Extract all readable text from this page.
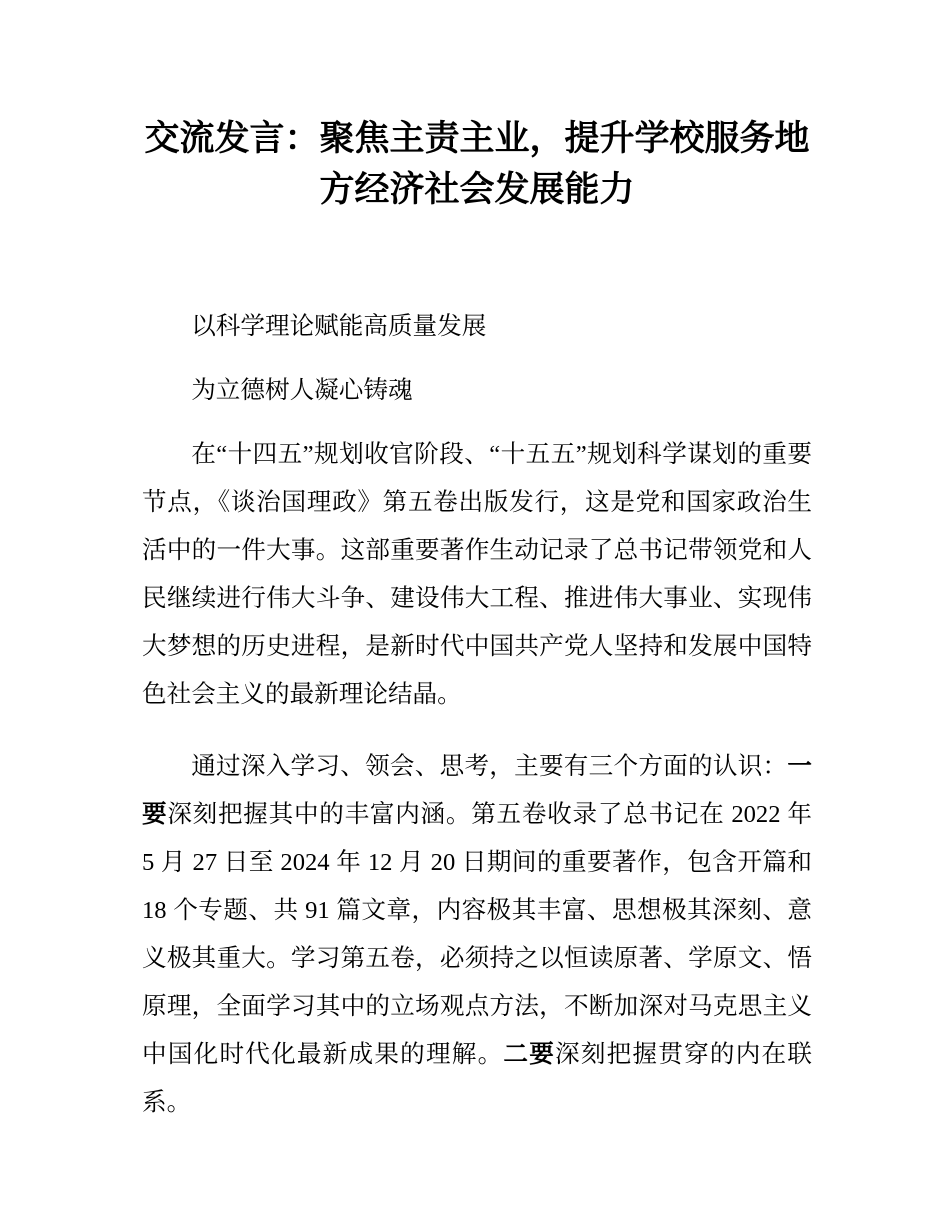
交流发言：聚焦主责主业，提升学校服务地方经济社会发展能力

以科学理论赋能高质量发展

为立德树人凝心铸魂

在“十四五”规划收官阶段、“十五五”规划科学谋划的重要节点，《谈治国理政》第五卷出版发行，这是党和国家政治生活中的一件大事。这部重要著作生动记录了总书记带领党和人民继续进行伟大斗争、建设伟大工程、推进伟大事业、实现伟大梦想的历史进程，是新时代中国共产党人坚持和发展中国特色社会主义的最新理论结晶。

通过深入学习、领会、思考，主要有三个方面的认识：一要深刻把握其中的丰富内涵。第五卷收录了总书记在 2022 年 5 月 27 日至 2024 年 12 月 20 日期间的重要著作，包含开篇和 18 个专题、共 91 篇文章，内容极其丰富、思想极其深刻、意义极其重大。学习第五卷，必须持之以恒读原著、学原文、悟原理，全面学习其中的立场观点方法，不断加深对马克思主义中国化时代化最新成果的理解。二要深刻把握贯穿的内在联系。
